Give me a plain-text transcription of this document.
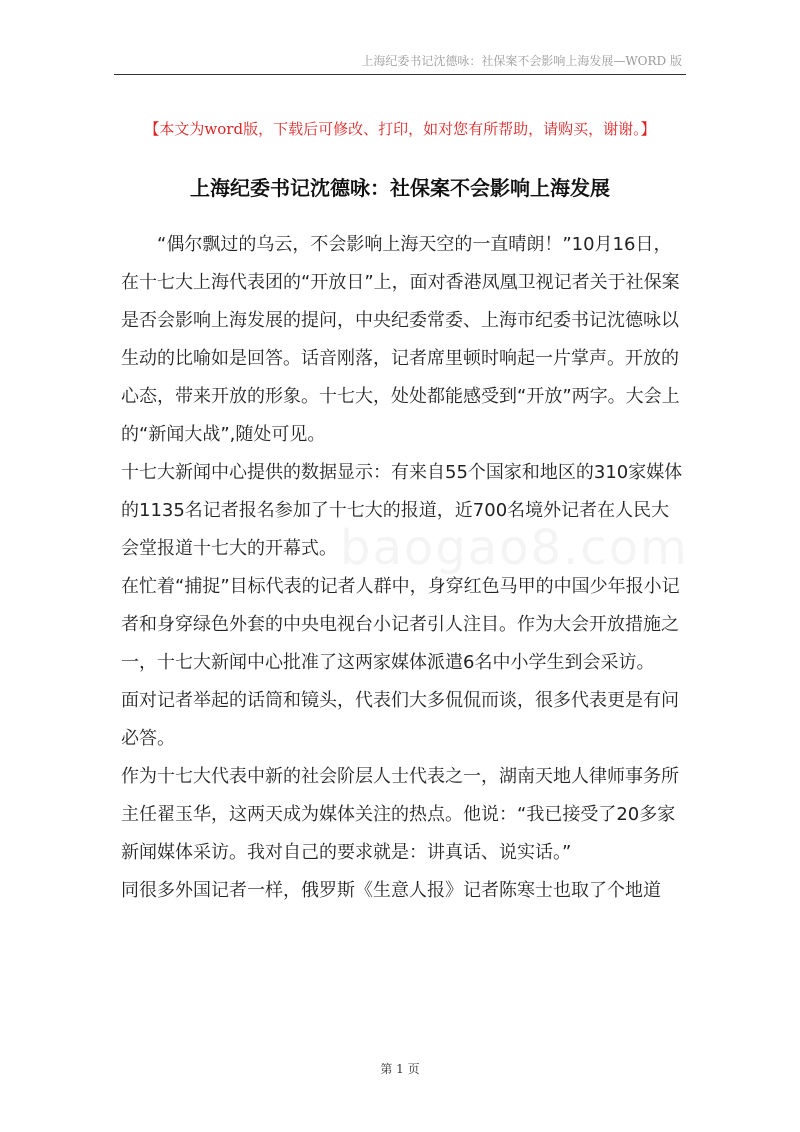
上海纪委书记沈德咏：社保案不会影响上海发展—WORD 版
【本文为word版，下载后可修改、打印，如对您有所帮助，请购买，谢谢。】
上海纪委书记沈德咏：社保案不会影响上海发展
baogao8.com

“偶尔飘过的乌云，不会影响上海天空的一直晴朗！”10月16日，在十七大上海代表团的“开放日”上，面对香港凤凰卫视记者关于社保案是否会影响上海发展的提问，中央纪委常委、上海市纪委书记沈德咏以生动的比喻如是回答。话音刚落，记者席里顿时响起一片掌声。开放的心态，带来开放的形象。十七大，处处都能感受到“开放”两字。大会上的“新闻大战”,随处可见。

十七大新闻中心提供的数据显示：有来自55个国家和地区的310家媒体的1135名记者报名参加了十七大的报道，近700名境外记者在人民大会堂报道十七大的开幕式。

在忙着“捕捉”目标代表的记者人群中，身穿红色马甲的中国少年报小记者和身穿绿色外套的中央电视台小记者引人注目。作为大会开放措施之一，十七大新闻中心批准了这两家媒体派遣6名中小学生到会采访。

面对记者举起的话筒和镜头，代表们大多侃侃而谈，很多代表更是有问必答。

作为十七大代表中新的社会阶层人士代表之一，湖南天地人律师事务所主任翟玉华，这两天成为媒体关注的热点。他说：“我已接受了20多家新闻媒体采访。我对自己的要求就是：讲真话、说实话。”

同很多外国记者一样，俄罗斯《生意人报》记者陈寒士也取了个地道

第 1 页
